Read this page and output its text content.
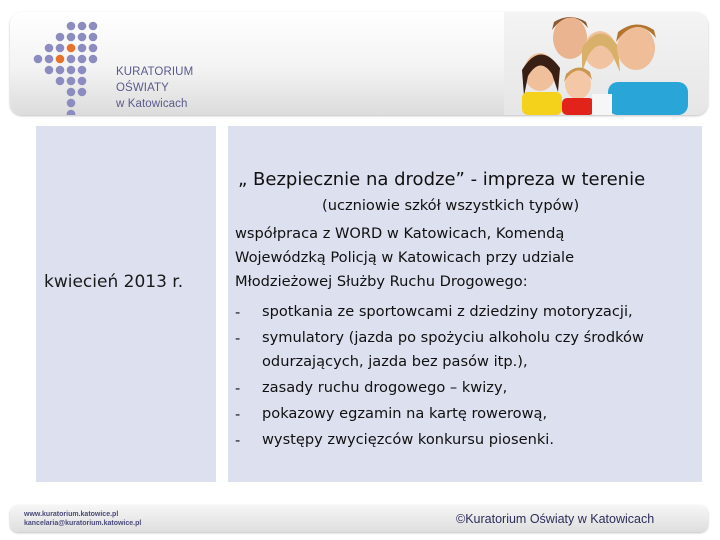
KURATORIUM
OŚWIATY
w Katowicach
kwiecień 2013 r.
„ Bezpiecznie na drodze” - impreza w terenie
(uczniowie szkół wszystkich typów)
współpraca z WORD w Katowicach, Komendą
Wojewódzką Policją w Katowicach przy udziale
Młodzieżowej Służby Ruchu Drogowego:
-	spotkania ze sportowcami z dziedziny motoryzacji,
-	symulatory (jazda po spożyciu alkoholu czy środków
odurzających, jazda bez pasów itp.),
-	zasady ruchu drogowego – kwizy,
-	pokazowy egzamin na kartę rowerową,
-	występy zwycięzców konkursu piosenki.
www.kuratorium.katowice.pl
kancelaria@kuratorium.katowice.pl	©Kuratorium Oświaty w Katowicach
